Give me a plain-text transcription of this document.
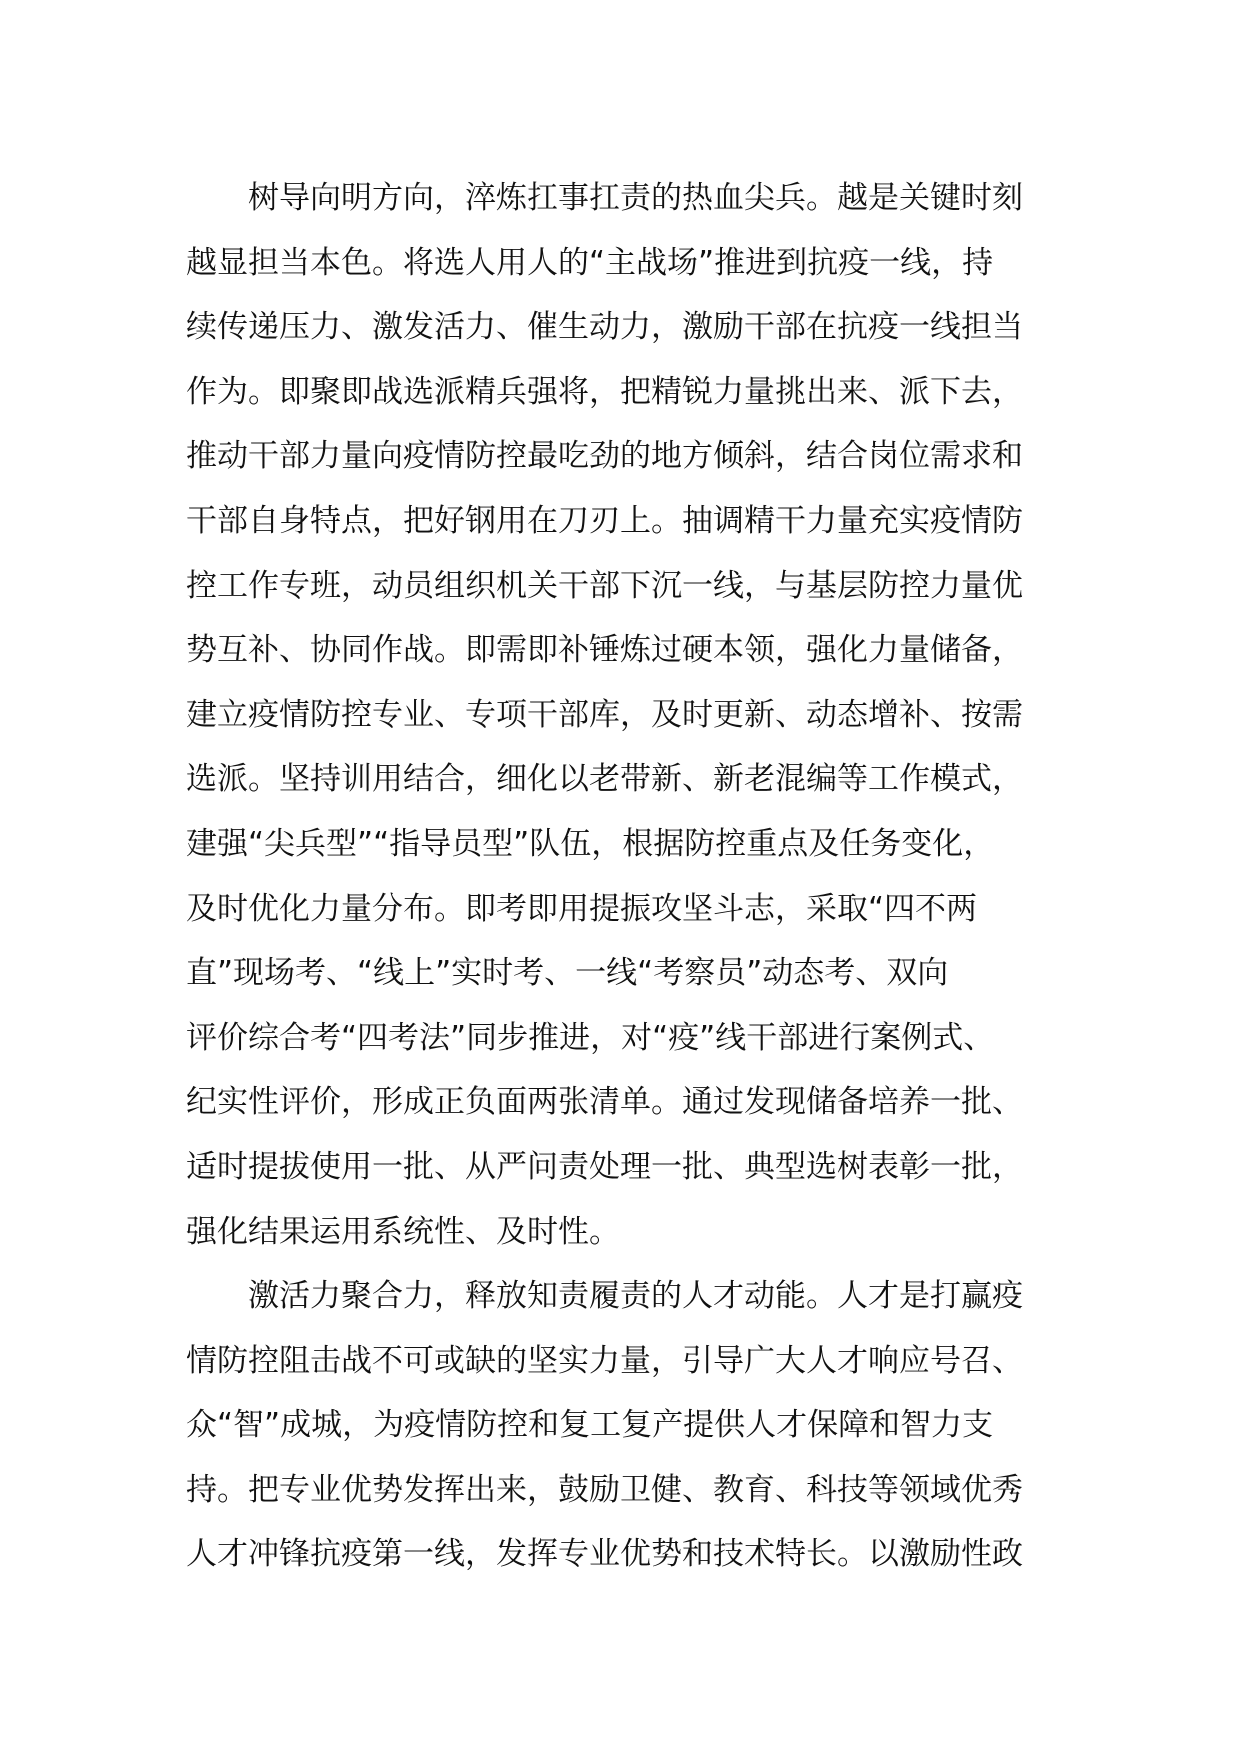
树导向明方向，淬炼扛事扛责的热血尖兵。越是关键时刻
越显担当本色。将选人用人的“主战场”推进到抗疫一线，持
续传递压力、激发活力、催生动力，激励干部在抗疫一线担当
作为。即聚即战选派精兵强将，把精锐力量挑出来、派下去，
推动干部力量向疫情防控最吃劲的地方倾斜，结合岗位需求和
干部自身特点，把好钢用在刀刃上。抽调精干力量充实疫情防
控工作专班，动员组织机关干部下沉一线，与基层防控力量优
势互补、协同作战。即需即补锤炼过硬本领，强化力量储备，
建立疫情防控专业、专项干部库，及时更新、动态增补、按需
选派。坚持训用结合，细化以老带新、新老混编等工作模式，
建强“尖兵型”“指导员型”队伍，根据防控重点及任务变化，
及时优化力量分布。即考即用提振攻坚斗志，采取“四不两
直”现场考、“线上”实时考、一线“考察员”动态考、双向
评价综合考“四考法”同步推进，对“疫”线干部进行案例式、
纪实性评价，形成正负面两张清单。通过发现储备培养一批、
适时提拔使用一批、从严问责处理一批、典型选树表彰一批，
强化结果运用系统性、及时性。
激活力聚合力，释放知责履责的人才动能。人才是打赢疫
情防控阻击战不可或缺的坚实力量，引导广大人才响应号召、
众“智”成城，为疫情防控和复工复产提供人才保障和智力支
持。把专业优势发挥出来，鼓励卫健、教育、科技等领域优秀
人才冲锋抗疫第一线，发挥专业优势和技术特长。以激励性政
